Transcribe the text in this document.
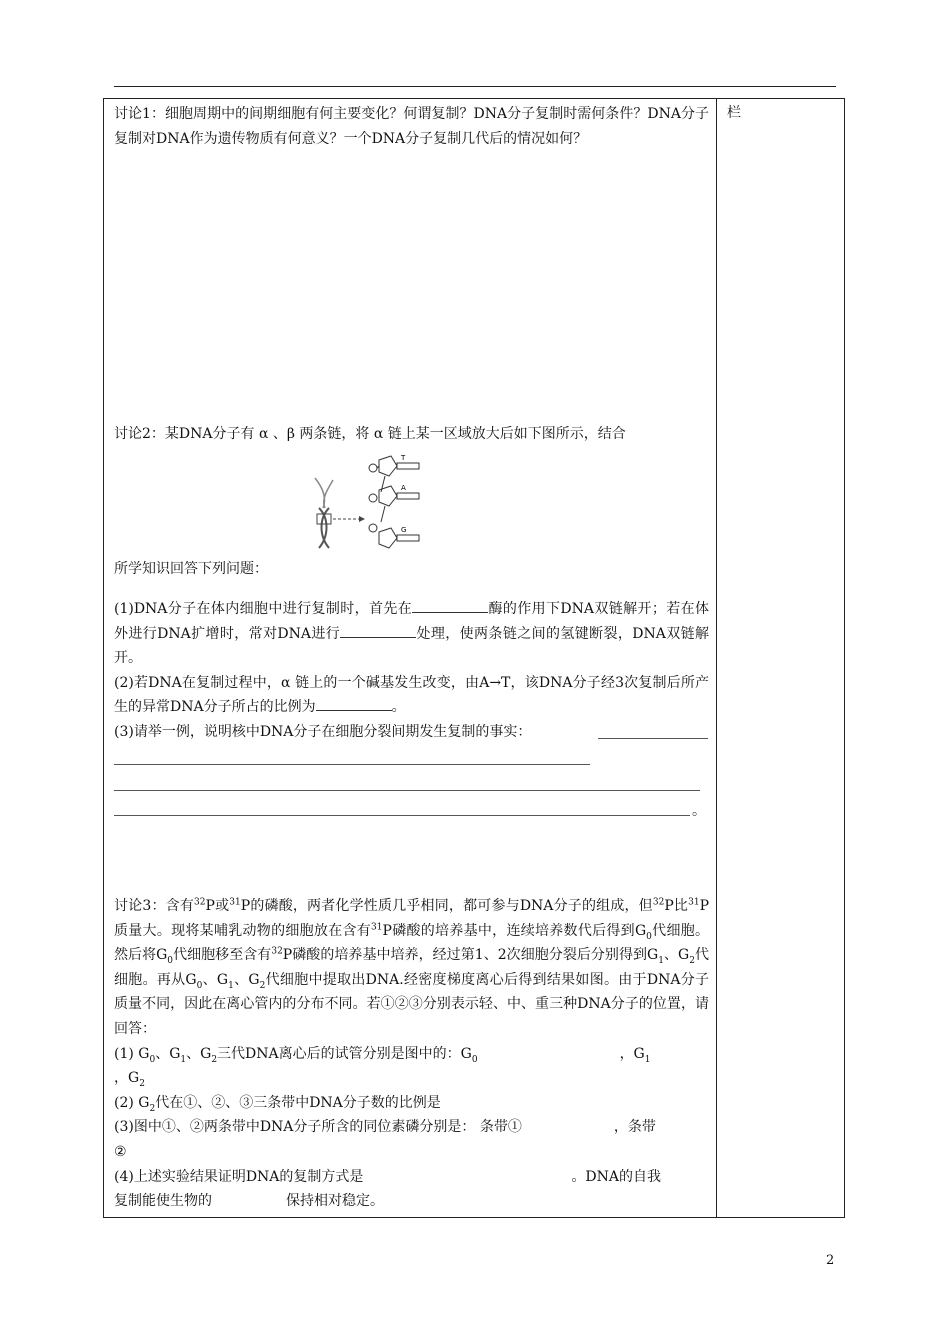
栏

讨论1：细胞周期中的间期细胞有何主要变化？何谓复制？DNA分子复制时需何条件？DNA分子复制对DNA作为遗传物质有何意义？一个DNA分子复制几代后的情况如何？

讨论2：某DNA分子有 α 、β 两条链，将 α 链上某一区域放大后如下图所示，结合

T
A
G

所学知识回答下列问题：

(1)DNA分子在体内细胞中进行复制时，首先在	酶的作用下DNA双链解开；若在体外进行DNA扩增时，常对DNA进行	处理，使两条链之间的氢键断裂，DNA双链解开。

(2)若DNA在复制过程中，α 链上的一个碱基发生改变，由A→T，该DNA分子经3次复制后所产生的异常DNA分子所占的比例为	。

(3)请举一例，说明核中DNA分子在细胞分裂间期发生复制的事实：

。

讨论3：含有$^{32}$P或$^{31}$P的磷酸，两者化学性质几乎相同，都可参与DNA分子的组成，但$^{32}$P比$^{31}$P质量大。现将某哺乳动物的细胞放在含有$^{31}$P磷酸的培养基中，连续培养数代后得到$G_0$代细胞。然后将$G_0$代细胞移至含有$^{32}$P磷酸的培养基中培养，经过第1、2次细胞分裂后分别得到$G_1$、$G_2$代细胞。再从$G_0$、$G_1$、$G_2$代细胞中提取出DNA.经密度梯度离心后得到结果如图。由于DNA分子质量不同，因此在离心管内的分布不同。若①②③分别表示轻、中、重三种DNA分子的位置，请回答：

(1) $G_0$、$G_1$、$G_2$三代DNA离心后的试管分别是图中的：$G_0$	，$G_1$
，$G_2$

(2) $G_2$代在①、②、③三条带中DNA分子数的比例是

(3)图中①、②两条带中DNA分子所含的同位素磷分别是： 条带①	，条带
②

(4)上述实验结果证明DNA的复制方式是	。DNA的自我
复制能使生物的	保持相对稳定。

2
